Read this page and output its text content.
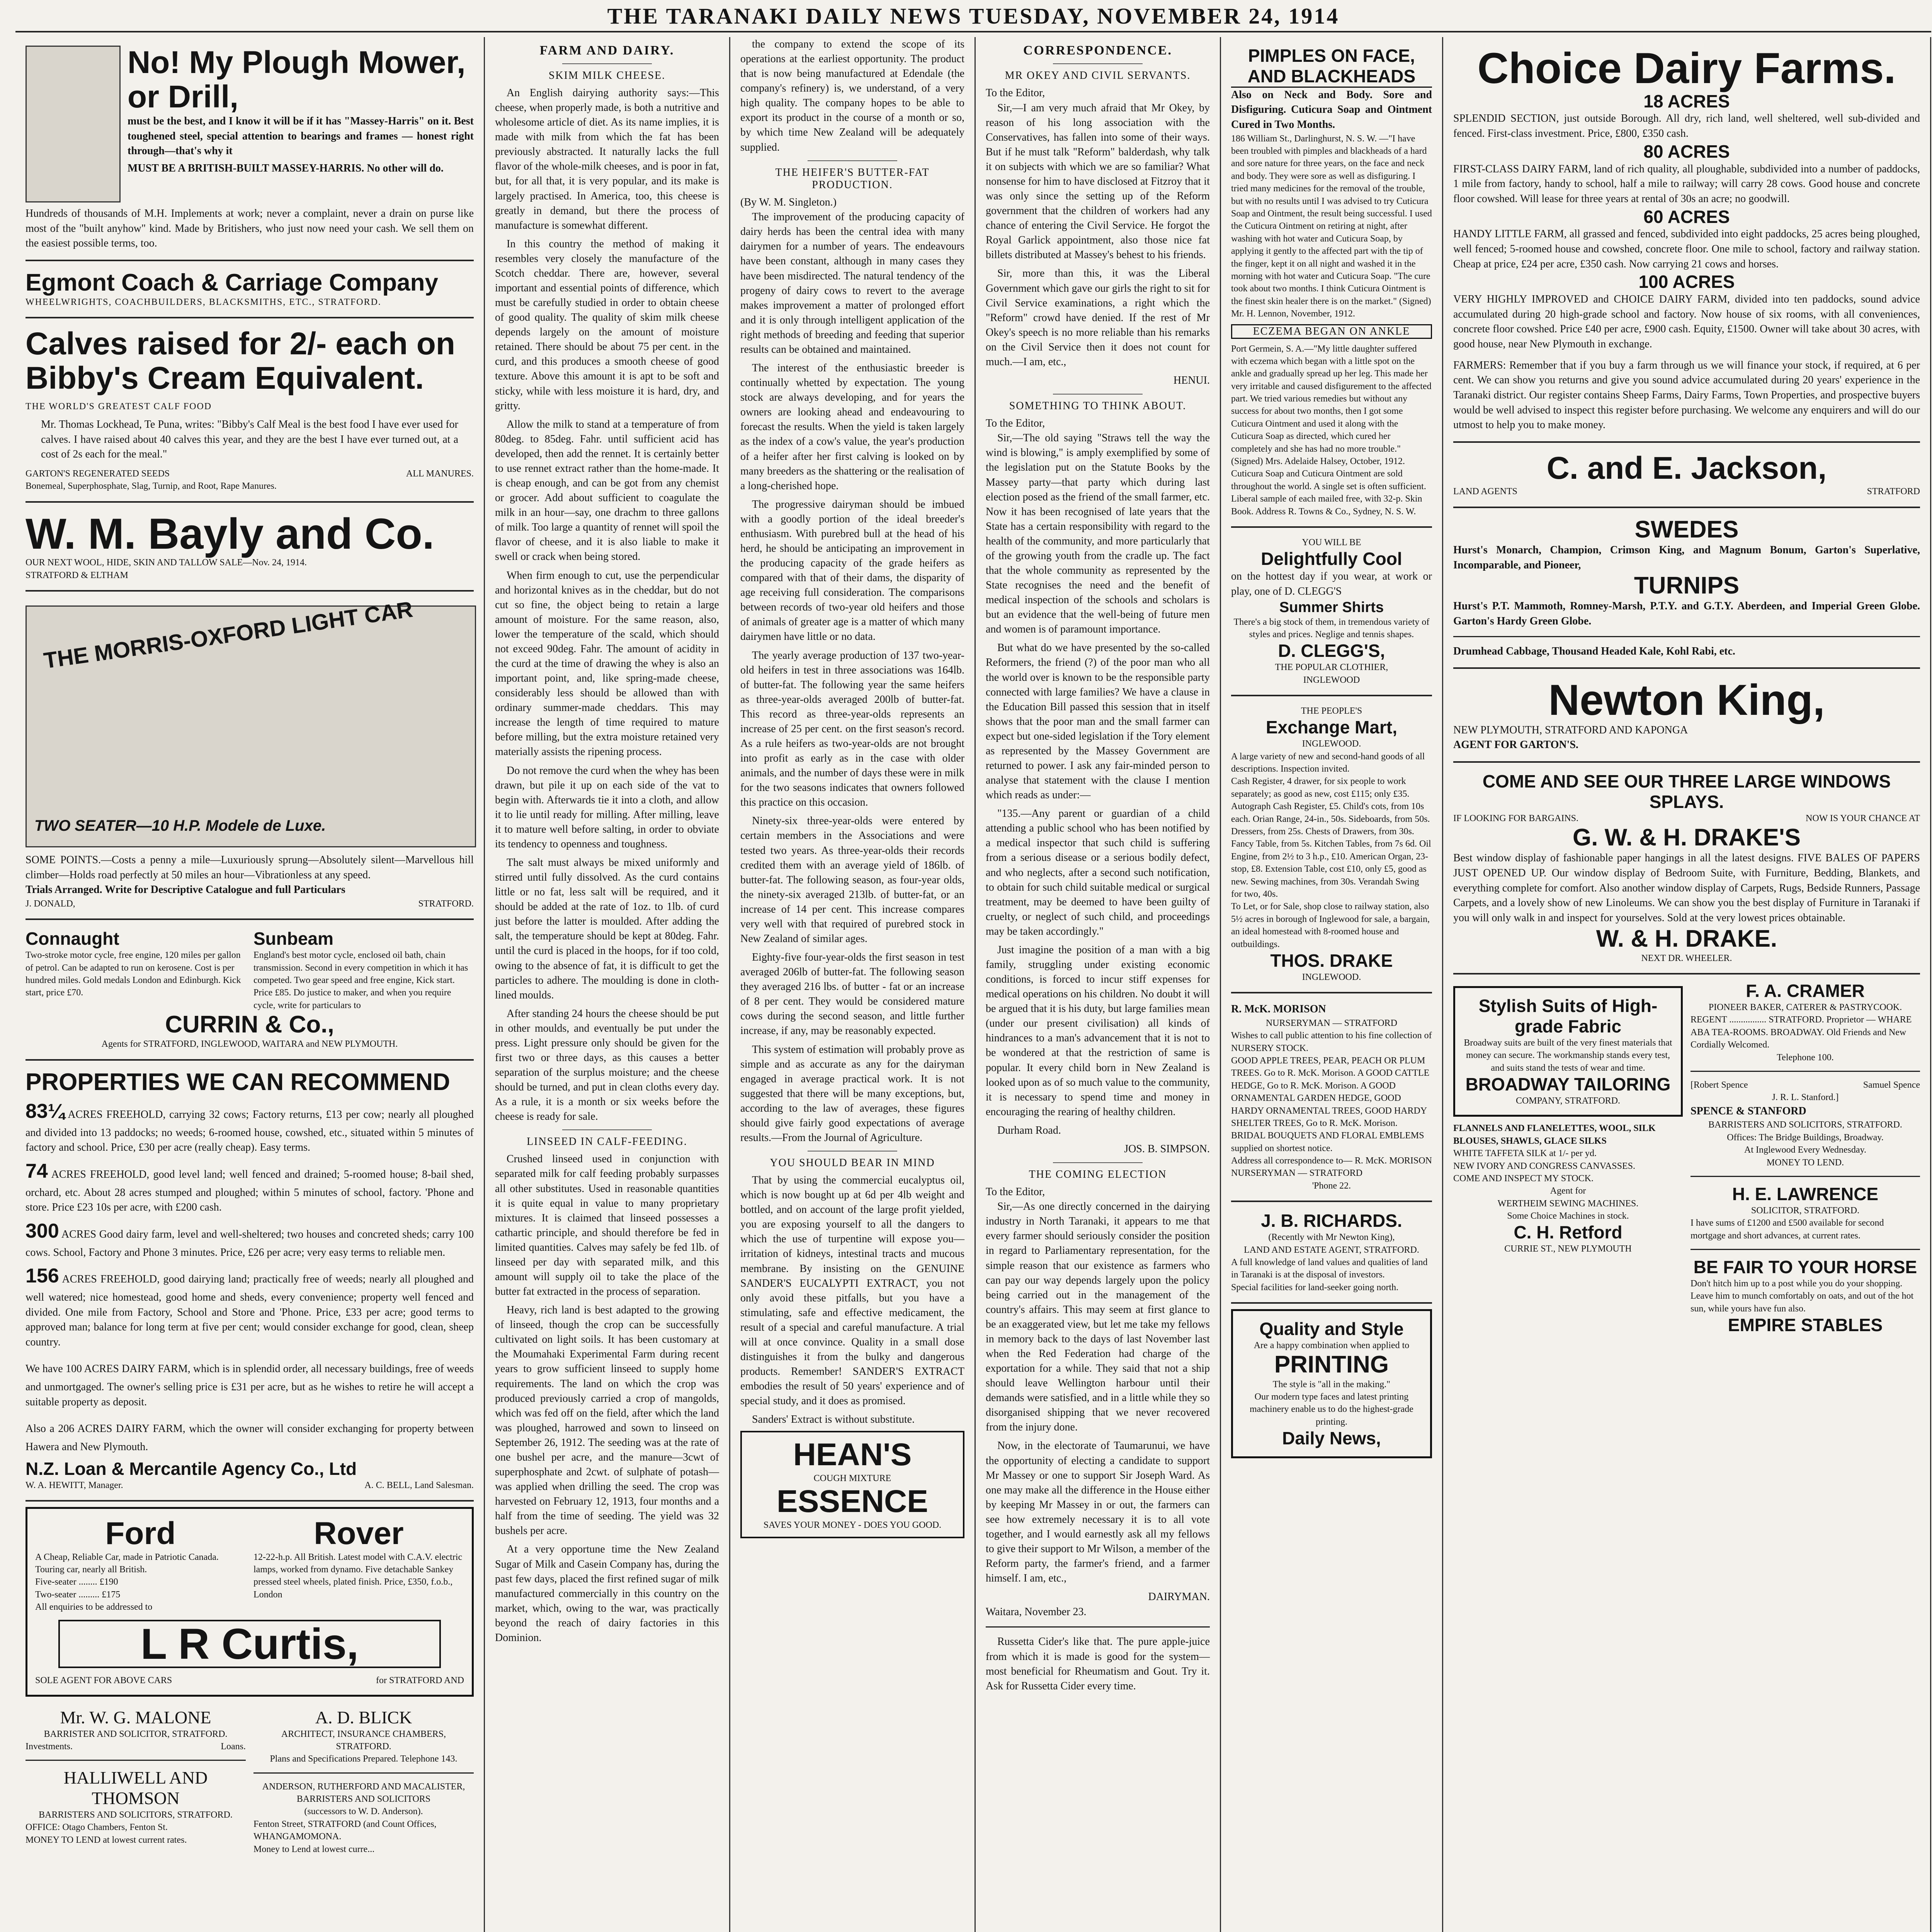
THE TARANAKI DAILY NEWS TUESDAY, NOVEMBER 24, 1914
No! My Plough Mower, or Drill,
must be the best, and I know it will be if it has "Massey-Harris" on it. Best toughened steel, special attention to bearings and frames — honest right through—that's why it
MUST BE A BRITISH-BUILT MASSEY-HARRIS. No other will do.
Hundreds of thousands of M.H. Implements at work; never a complaint, never a drain on purse like most of the "built anyhow" kind. Made by Britishers, who just now need your cash. We sell them on the easiest possible terms, too.
Egmont Coach & Carriage Company
WHEELWRIGHTS, COACHBUILDERS, BLACKSMITHS, ETC., STRATFORD.
Calves raised for 2/- each on Bibby's Cream Equivalent.
THE WORLD'S GREATEST CALF FOOD
Mr. Thomas Lockhead, Te Puna, writes: "Bibby's Calf Meal is the best food I have ever used for calves. I have raised about 40 calves this year, and they are the best I have ever turned out, at a cost of 2s each for the meal."
GARTON'S REGENERATED SEEDS	ALL MANURES.
Bonemeal, Superphosphate, Slag, Turnip, and Root, Rape Manures.
W. M. Bayly and Co.
OUR NEXT WOOL, HIDE, SKIN AND TALLOW SALE—Nov. 24, 1914.
STRATFORD & ELTHAM
THE MORRIS-OXFORD LIGHT CAR
TWO SEATER—10 H.P. Modele de Luxe.
SOME POINTS.—Costs a penny a mile—Luxuriously sprung—Absolutely silent—Marvellous hill climber—Holds road perfectly at 50 miles an hour—Vibrationless at any speed.
Trials Arranged. Write for Descriptive Catalogue and full Particulars
J. DONALD,	STRATFORD.
Connaught
Two-stroke motor cycle, free engine, 120 miles per gallon of petrol. Can be adapted to run on kerosene. Cost is per hundred miles. Gold medals London and Edinburgh. Kick start, price £70.
Sunbeam
England's best motor cycle, enclosed oil bath, chain transmission. Second in every competition in which it has competed. Two gear speed and free engine, Kick start. Price £85. Do justice to maker, and when you require cycle, write for particulars to
CURRIN & Co.,
Agents for STRATFORD, INGLEWOOD, WAITARA and NEW PLYMOUTH.
PROPERTIES WE CAN RECOMMEND
83¼ ACRES FREEHOLD, carrying 32 cows; Factory returns, £13 per cow; nearly all ploughed and divided into 13 paddocks; no weeds; 6-roomed house, cowshed, etc., situated within 5 minutes of factory and school. Price, £30 per acre (really cheap). Easy terms.
74 ACRES FREEHOLD, good level land; well fenced and drained; 5-roomed house; 8-bail shed, orchard, etc. About 28 acres stumped and ploughed; within 5 minutes of school, factory. 'Phone and store. Price £23 10s per acre, with £200 cash.
300 ACRES Good dairy farm, level and well-sheltered; two houses and concreted sheds; carry 100 cows. School, Factory and Phone 3 minutes. Price, £26 per acre; very easy terms to reliable men.
156 ACRES FREEHOLD, good dairying land; practically free of weeds; nearly all ploughed and well watered; nice homestead, good home and sheds, every convenience; property well fenced and divided. One mile from Factory, School and Store and 'Phone. Price, £33 per acre; good terms to approved man; balance for long term at five per cent; would consider exchange for good, clean, sheep country.
We have 100 ACRES DAIRY FARM, which is in splendid order, all necessary buildings, free of weeds and unmortgaged. The owner's selling price is £31 per acre, but as he wishes to retire he will accept a suitable property as deposit.
Also a 206 ACRES DAIRY FARM, which the owner will consider exchanging for property between Hawera and New Plymouth.
N.Z. Loan & Mercantile Agency Co., Ltd
W. A. HEWITT, Manager.	A. C. BELL, Land Salesman.
Ford
A Cheap, Reliable Car, made in Patriotic Canada. Touring car, nearly all British.
Five-seater ........ £190
Two-seater ......... £175
All enquiries to be addressed to
Rover
12-22-h.p. All British. Latest model with C.A.V. electric lamps, worked from dynamo. Five detachable Sankey pressed steel wheels, plated finish. Price, £350, f.o.b., London
L R Curtis,
SOLE AGENT FOR ABOVE CARS	for STRATFORD AND
Mr. W. G. MALONE
BARRISTER AND SOLICITOR, STRATFORD.
Investments.	Loans.
HALLIWELL AND THOMSON
BARRISTERS AND SOLICITORS, STRATFORD.
OFFICE: Otago Chambers, Fenton St.
MONEY TO LEND at lowest current rates.
A. D. BLICK
ARCHITECT, INSURANCE CHAMBERS, STRATFORD.
Plans and Specifications Prepared. Telephone 143.
ANDERSON, RUTHERFORD AND MACALISTER,
BARRISTERS AND SOLICITORS
(successors to W. D. Anderson).
Fenton Street, STRATFORD (and Count Offices, WHANGAMOMONA.
Money to Lend at lowest curre...
FARM AND DAIRY.
SKIM MILK CHEESE.

An English dairying authority says:—This cheese, when properly made, is both a nutritive and wholesome article of diet. As its name implies, it is made with milk from which the fat has been previously abstracted. It naturally lacks the full flavor of the whole-milk cheeses, and is poor in fat, but, for all that, it is very popular, and its make is largely practised. In America, too, this cheese is greatly in demand, but there the process of manufacture is somewhat different.

In this country the method of making it resembles very closely the manufacture of the Scotch cheddar. There are, however, several important and essential points of difference, which must be carefully studied in order to obtain cheese of good quality. The quality of skim milk cheese depends largely on the amount of moisture retained. There should be about 75 per cent. in the curd, and this produces a smooth cheese of good texture. Above this amount it is apt to be soft and sticky, while with less moisture it is hard, dry, and gritty.

Allow the milk to stand at a temperature of from 80deg. to 85deg. Fahr. until sufficient acid has developed, then add the rennet. It is certainly better to use rennet extract rather than the home-made. It is cheap enough, and can be got from any chemist or grocer. Add about sufficient to coagulate the milk in an hour—say, one drachm to three gallons of milk. Too large a quantity of rennet will spoil the flavor of cheese, and it is also liable to make it swell or crack when being stored.

When firm enough to cut, use the perpendicular and horizontal knives as in the cheddar, but do not cut so fine, the object being to retain a large amount of moisture. For the same reason, also, lower the temperature of the scald, which should not exceed 90deg. Fahr. The amount of acidity in the curd at the time of drawing the whey is also an important point, and, like spring-made cheese, considerably less should be allowed than with ordinary summer-made cheddars. This may increase the length of time required to mature before milling, but the extra moisture retained very materially assists the ripening process.

Do not remove the curd when the whey has been drawn, but pile it up on each side of the vat to begin with. Afterwards tie it into a cloth, and allow it to lie until ready for milling. After milling, leave it to mature well before salting, in order to obviate its tendency to openness and toughness.

The salt must always be mixed uniformly and stirred until fully dissolved. As the curd contains little or no fat, less salt will be required, and it should be added at the rate of 1oz. to 1lb. of curd just before the latter is moulded. After adding the salt, the temperature should be kept at 80deg. Fahr. until the curd is placed in the hoops, for if too cold, owing to the absence of fat, it is difficult to get the particles to adhere. The moulding is done in cloth-lined moulds.

After standing 24 hours the cheese should be put in other moulds, and eventually be put under the press. Light pressure only should be given for the first two or three days, as this causes a better separation of the surplus moisture; and the cheese should be turned, and put in clean cloths every day. As a rule, it is a month or six weeks before the cheese is ready for sale.

LINSEED IN CALF-FEEDING.

Crushed linseed used in conjunction with separated milk for calf feeding probably surpasses all other substitutes. Used in reasonable quantities it is quite equal in value to many proprietary mixtures. It is claimed that linseed possesses a cathartic principle, and should therefore be fed in limited quantities. Calves may safely be fed 1lb. of linseed per day with separated milk, and this amount will supply oil to take the place of the butter fat extracted in the process of separation.

Heavy, rich land is best adapted to the growing of linseed, though the crop can be successfully cultivated on light soils. It has been customary at the Moumahaki Experimental Farm during recent years to grow sufficient linseed to supply home requirements. The land on which the crop was produced previously carried a crop of mangolds, which was fed off on the field, after which the land was ploughed, harrowed and sown to linseed on September 26, 1912. The seeding was at the rate of one bushel per acre, and the manure—3cwt of superphosphate and 2cwt. of sulphate of potash—was applied when drilling the seed. The crop was harvested on February 12, 1913, four months and a half from the time of seeding. The yield was 32 bushels per acre.

At a very opportune time the New Zealand Sugar of Milk and Casein Company has, during the past few days, placed the first refined sugar of milk manufactured commercially in this country on the market, which, owing to the war, was practically beyond the reach of dairy factories in this Dominion.

the company to extend the scope of its operations at the earliest opportunity. The product that is now being manufactured at Edendale (the company's refinery) is, we understand, of a very high quality. The company hopes to be able to export its product in the course of a month or so, by which time New Zealand will be adequately supplied.

THE HEIFER'S BUTTER-FAT PRODUCTION.
(By W. M. Singleton.)

The improvement of the producing capacity of dairy herds has been the central idea with many dairymen for a number of years. The endeavours have been constant, although in many cases they have been misdirected. The natural tendency of the progeny of dairy cows to revert to the average makes improvement a matter of prolonged effort and it is only through intelligent application of the right methods of breeding and feeding that superior results can be obtained and maintained.

The interest of the enthusiastic breeder is continually whetted by expectation. The young stock are always developing, and for years the owners are looking ahead and endeavouring to forecast the results. When the yield is taken largely as the index of a cow's value, the year's production of a heifer after her first calving is looked on by many breeders as the shattering or the realisation of a long-cherished hope.

The progressive dairyman should be imbued with a goodly portion of the ideal breeder's enthusiasm. With purebred bull at the head of his herd, he should be anticipating an improvement in the producing capacity of the grade heifers as compared with that of their dams, the disparity of age receiving full consideration. The comparisons between records of two-year old heifers and those of animals of greater age is a matter of which many dairymen have little or no data.

The yearly average production of 137 two-year-old heifers in test in three associations was 164lb. of butter-fat. The following year the same heifers as three-year-olds averaged 200lb of butter-fat. This record as three-year-olds represents an increase of 25 per cent. on the first season's record. As a rule heifers as two-year-olds are not brought into profit as early as in the case with older animals, and the number of days these were in milk for the two seasons indicates that owners followed this practice on this occasion.

Ninety-six three-year-olds were entered by certain members in the Associations and were tested two years. As three-year-olds their records credited them with an average yield of 186lb. of butter-fat. The following season, as four-year olds, the ninety-six averaged 213lb. of butter-fat, or an increase of 14 per cent. This increase compares very well with that required of purebred stock in New Zealand of similar ages.

Eighty-five four-year-olds the first season in test averaged 206lb of butter-fat. The following season they averaged 216 lbs. of butter - fat or an increase of 8 per cent. They would be considered mature cows during the second season, and little further increase, if any, may be reasonably expected.

This system of estimation will probably prove as simple and as accurate as any for the dairyman engaged in average practical work. It is not suggested that there will be many exceptions, but, according to the law of averages, these figures should give fairly good expectations of average results.—From the Journal of Agriculture.

YOU SHOULD BEAR IN MIND

That by using the commercial eucalyptus oil, which is now bought up at 6d per 4lb weight and bottled, and on account of the large profit yielded, you are exposing yourself to all the dangers to which the use of turpentine will expose you—irritation of kidneys, intestinal tracts and mucous membrane. By insisting on the GENUINE SANDER'S EUCALYPTI EXTRACT, you not only avoid these pitfalls, but you have a stimulating, safe and effective medicament, the result of a special and careful manufacture. A trial will at once convince. Quality in a small dose distinguishes it from the bulky and dangerous products. Remember! SANDER'S EXTRACT embodies the result of 50 years' experience and of special study, and it does as promised.

Sanders' Extract is without substitute.

HEAN'S
COUGH MIXTURE
ESSENCE
SAVES YOUR MONEY - DOES YOU GOOD.
CORRESPONDENCE.
MR OKEY AND CIVIL SERVANTS.
To the Editor,

Sir,—I am very much afraid that Mr Okey, by reason of his long association with the Conservatives, has fallen into some of their ways. But if he must talk "Reform" balderdash, why talk it on subjects with which we are so familiar? What nonsense for him to have disclosed at Fitzroy that it was only since the setting up of the Reform government that the children of workers had any chance of entering the Civil Service. He forgot the Royal Garlick appointment, also those nice fat billets distributed at Massey's behest to his friends.

Sir, more than this, it was the Liberal Government which gave our girls the right to sit for Civil Service examinations, a right which the "Reform" crowd have denied. If the rest of Mr Okey's speech is no more reliable than his remarks on the Civil Service then it does not count for much.—I am, etc.,

HENUI.
SOMETHING TO THINK ABOUT.
To the Editor,

Sir,—The old saying "Straws tell the way the wind is blowing," is amply exemplified by some of the legislation put on the Statute Books by the Massey party—that party which during last election posed as the friend of the small farmer, etc. Now it has been recognised of late years that the State has a certain responsibility with regard to the health of the community, and more particularly that of the growing youth from the cradle up. The fact that the whole community as represented by the State recognises the need and the benefit of medical inspection of the schools and scholars is but an evidence that the well-being of future men and women is of paramount importance.

But what do we have presented by the so-called Reformers, the friend (?) of the poor man who all the world over is known to be the responsible party connected with large families? We have a clause in the Education Bill passed this session that in itself shows that the poor man and the small farmer can expect but one-sided legislation if the Tory element as represented by the Massey Government are returned to power. I ask any fair-minded person to analyse that statement with the clause I mention which reads as under:—

"135.—Any parent or guardian of a child attending a public school who has been notified by a medical inspector that such child is suffering from a serious disease or a serious bodily defect, and who neglects, after a second such notification, to obtain for such child suitable medical or surgical treatment, may be deemed to have been guilty of cruelty, or neglect of such child, and proceedings may be taken accordingly."

Just imagine the position of a man with a big family, struggling under existing economic conditions, is forced to incur stiff expenses for medical operations on his children. No doubt it will be argued that it is his duty, but large families mean (under our present civilisation) all kinds of hindrances to a man's advancement that it is not to be wondered at that the restriction of same is popular. It every child born in New Zealand is looked upon as of so much value to the community, it is necessary to spend time and money in encouraging the rearing of healthy children.

Durham Road.

JOS. B. SIMPSON.
THE COMING ELECTION
To the Editor,

Sir,—As one directly concerned in the dairying industry in North Taranaki, it appears to me that every farmer should seriously consider the position in regard to Parliamentary representation, for the simple reason that our existence as farmers who can pay our way depends largely upon the policy being carried out in the management of the country's affairs. This may seem at first glance to be an exaggerated view, but let me take my fellows in memory back to the days of last November last when the Red Federation had charge of the exportation for a while. They said that not a ship should leave Wellington harbour until their demands were satisfied, and in a little while they so disorganised shipping that we never recovered from the injury done.

Now, in the electorate of Taumarunui, we have the opportunity of electing a candidate to support Mr Massey or one to support Sir Joseph Ward. As one may make all the difference in the House either by keeping Mr Massey in or out, the farmers can see how extremely necessary it is to all vote together, and I would earnestly ask all my fellows to give their support to Mr Wilson, a member of the Reform party, the farmer's friend, and a farmer himself. I am, etc.,

DAIRYMAN.
Waitara, November 23.
Russetta Cider's like that. The pure apple-juice from which it is made is good for the system—most beneficial for Rheumatism and Gout. Try it. Ask for Russetta Cider every time.
PIMPLES ON FACE, AND BLACKHEADS
Also on Neck and Body. Sore and Disfiguring. Cuticura Soap and Ointment Cured in Two Months.
186 William St., Darlinghurst, N. S. W. —"I have been troubled with pimples and blackheads of a hard and sore nature for three years, on the face and neck and body. They were sore as well as disfiguring. I tried many medicines for the removal of the trouble, but with no results until I was advised to try Cuticura Soap and Ointment, the result being successful. I used the Cuticura Ointment on retiring at night, after washing with hot water and Cuticura Soap, by applying it gently to the affected part with the tip of the finger, kept it on all night and washed it in the morning with hot water and Cuticura Soap. "The cure took about two months. I think Cuticura Ointment is the finest skin healer there is on the market." (Signed) Mr. H. Lennon, November, 1912.
ECZEMA BEGAN ON ANKLE
Port Germein, S. A.—"My little daughter suffered with eczema which began with a little spot on the ankle and gradually spread up her leg. This made her very irritable and caused disfigurement to the affected part. We tried various remedies but without any success for about two months, then I got some Cuticura Ointment and used it along with the Cuticura Soap as directed, which cured her completely and she has had no more trouble." (Signed) Mrs. Adelaide Halsey, October, 1912. Cuticura Soap and Cuticura Ointment are sold throughout the world. A single set is often sufficient. Liberal sample of each mailed free, with 32-p. Skin Book. Address R. Towns & Co., Sydney, N. S. W.
YOU WILL BE
Delightfully Cool
on the hottest day if you wear, at work or play, one of D. CLEGG'S
Summer Shirts
There's a big stock of them, in tremendous variety of styles and prices. Neglige and tennis shapes.
D. CLEGG'S,
THE POPULAR CLOTHIER,
INGLEWOOD
THE PEOPLE'S
Exchange Mart,
INGLEWOOD.
A large variety of new and second-hand goods of all descriptions. Inspection invited.
Cash Register, 4 drawer, for six people to work separately; as good as new, cost £115; only £35. Autograph Cash Register, £5. Child's cots, from 10s each. Orian Range, 24-in., 50s. Sideboards, from 50s. Dressers, from 25s. Chests of Drawers, from 30s. Fancy Table, from 5s. Kitchen Tables, from 7s 6d. Oil Engine, from 2½ to 3 h.p., £10. American Organ, 23-stop, £8. Extension Table, cost £10, only £5, good as new. Sewing machines, from 30s. Verandah Swing for two, 40s.
To Let, or for Sale, shop close to railway station, also 5½ acres in borough of Inglewood for sale, a bargain, an ideal homestead with 8-roomed house and outbuildings.
THOS. DRAKE
INGLEWOOD.
R. McK. MORISON
NURSERYMAN — STRATFORD
Wishes to call public attention to his fine collection of NURSERY STOCK.
GOOD APPLE TREES, PEAR, PEACH OR PLUM TREES. Go to R. McK. Morison. A GOOD CATTLE HEDGE, Go to R. McK. Morison. A GOOD ORNAMENTAL GARDEN HEDGE, GOOD HARDY ORNAMENTAL TREES, GOOD HARDY SHELTER TREES, Go to R. McK. Morison. BRIDAL BOUQUETS AND FLORAL EMBLEMS supplied on shortest notice.
Address all correspondence to— R. McK. MORISON NURSERYMAN — STRATFORD
'Phone 22.
J. B. RICHARDS.
(Recently with Mr Newton King),
LAND AND ESTATE AGENT, STRATFORD.
A full knowledge of land values and qualities of land in Taranaki is at the disposal of investors.
Special facilities for land-seeker going north.
Quality and Style
Are a happy combination when applied to
PRINTING
The style is "all in the making."
Our modern type faces and latest printing machinery enable us to do the highest-grade printing.
Daily News,
Choice Dairy Farms.
18 ACRES
SPLENDID SECTION, just outside Borough. All dry, rich land, well sheltered, well sub-divided and fenced. First-class investment. Price, £800, £350 cash.
80 ACRES
FIRST-CLASS DAIRY FARM, land of rich quality, all ploughable, subdivided into a number of paddocks, 1 mile from factory, handy to school, half a mile to railway; will carry 28 cows. Good house and concrete floor cowshed. Will lease for three years at rental of 30s an acre; no goodwill.
60 ACRES
HANDY LITTLE FARM, all grassed and fenced, subdivided into eight paddocks, 25 acres being ploughed, well fenced; 5-roomed house and cowshed, concrete floor. One mile to school, factory and railway station. Cheap at price, £24 per acre, £350 cash. Now carrying 21 cows and horses.
100 ACRES
VERY HIGHLY IMPROVED and CHOICE DAIRY FARM, divided into ten paddocks, sound advice accumulated during 20 high-grade school and factory. Now house of six rooms, with all conveniences, concrete floor cowshed. Price £40 per acre, £900 cash. Equity, £1500. Owner will take about 30 acres, with good house, near New Plymouth in exchange.
FARMERS: Remember that if you buy a farm through us we will finance your stock, if required, at 6 per cent. We can show you returns and give you sound advice accumulated during 20 years' experience in the Taranaki district. Our register contains Sheep Farms, Dairy Farms, Town Properties, and prospective buyers would be well advised to inspect this register before purchasing. We welcome any enquirers and will do our utmost to help you to make money.
C. and E. Jackson,
LAND AGENTS	STRATFORD
SWEDES
Hurst's Monarch, Champion, Crimson King, and Magnum Bonum, Garton's Superlative, Incomparable, and Pioneer,
TURNIPS
Hurst's P.T. Mammoth, Romney-Marsh, P.T.Y. and G.T.Y. Aberdeen, and Imperial Green Globe. Garton's Hardy Green Globe.
Drumhead Cabbage, Thousand Headed Kale, Kohl Rabi, etc.
Newton King,
NEW PLYMOUTH, STRATFORD AND KAPONGA
AGENT FOR GARTON'S.
COME AND SEE OUR THREE LARGE WINDOWS SPLAYS.
IF LOOKING FOR BARGAINS.	NOW IS YOUR CHANCE AT
G. W. & H. DRAKE'S
Best window display of fashionable paper hangings in all the latest designs. FIVE BALES OF PAPERS JUST OPENED UP. Our window display of Bedroom Suite, with Furniture, Bedding, Blankets, and everything complete for comfort. Also another window display of Carpets, Rugs, Bedside Runners, Passage Carpets, and a lovely show of new Linoleums. We can show you the best display of Furniture in Taranaki if you will only walk in and inspect for yourselves. Sold at the very lowest prices obtainable.
W. & H. DRAKE.
NEXT DR. WHEELER.
Stylish Suits of High-grade Fabric
Broadway suits are built of the very finest materials that money can secure. The workmanship stands every test, and suits stand the tests of wear and time.
BROADWAY TAILORING
COMPANY, STRATFORD.
FLANNELS AND FLANELETTES, WOOL, SILK BLOUSES, SHAWLS, GLACE SILKS
WHITE TAFFETA SILK at 1/- per yd.
NEW IVORY AND CONGRESS CANVASSES.
COME AND INSPECT MY STOCK.
Agent for
WERTHEIM SEWING MACHINES.
Some Choice Machines in stock.
C. H. Retford
CURRIE ST., NEW PLYMOUTH
F. A. CRAMER
PIONEER BAKER, CATERER & PASTRYCOOK.
REGENT ................ STRATFORD. Proprietor — WHARE ABA TEA-ROOMS. BROADWAY. Old Friends and New Cordially Welcomed.
Telephone 100.
[Robert Spence	Samuel Spence
J. R. L. Stanford.]
SPENCE & STANFORD
BARRISTERS AND SOLICITORS, STRATFORD.
Offices: The Bridge Buildings, Broadway.
At Inglewood Every Wednesday.
MONEY TO LEND.
H. E. LAWRENCE
SOLICITOR, STRATFORD.
I have sums of £1200 and £500 available for second mortgage and short advances, at current rates.
BE FAIR TO YOUR HORSE
Don't hitch him up to a post while you do your shopping. Leave him to munch comfortably on oats, and out of the hot sun, while yours have fun also.
EMPIRE STABLES
